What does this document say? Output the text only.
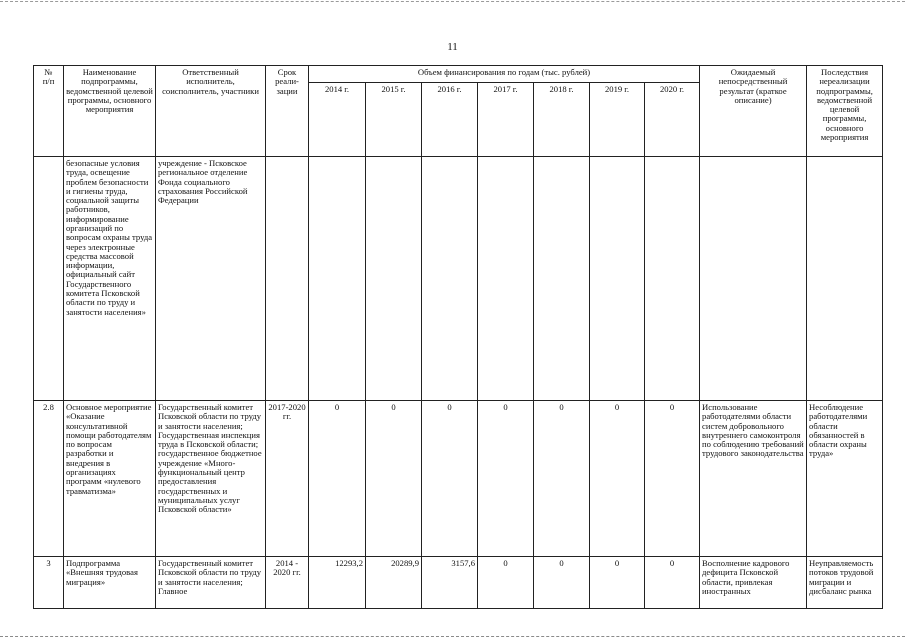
11
№
п/п	Наименование подпрограммы, ведомственной целевой программы, основного мероприятия	Ответственный исполнитель, соисполнитель, участники	Срок реали-зации	Объем финансирования по годам (тыс. рублей)							Ожидаемый непосредственный результат (краткое описание)	Последствия нереализации подпрограммы, ведомственной целевой программы, основного мероприятия
				2014 г.	2015 г.	2016 г.	2017 г.	2018 г.	2019 г.	2020 г.		
	безопасные условия труда, освещение проблем безопасности и гигиены труда, социальной защиты работников, информирование организаций по вопросам охраны труда через электронные средства массовой информации, официальный сайт Государственного комитета Псковской области по труду и занятости населения»	учреждение - Псковское региональное отделение Фонда социального страхования Российской Федерации										
2.8	Основное мероприятие «Оказание консультативной помощи работодателям по вопросам разработки и внедрения в организациях программ «нулевого травматизма»	Государственный комитет Псковской области по труду и занятости населения; Государственная инспекция труда в Псковской области; государственное бюджетное учреждение «Много-функциональный центр предоставления государственных и муниципальных услуг Псковской области»	2017-2020 гг.	0	0	0	0	0	0	0	Использование работодателями области систем добровольного внутреннего самоконтроля по соблюдению требований трудового законодательства	Несоблюдение работодателями области обязанностей в области охраны труда»
3	Подпрограмма «Внешняя трудовая миграция»	Государственный комитет Псковской области по труду и занятости населения; Главное	2014 - 2020 гг.	12293,2	20289,9	3157,6	0	0	0	0	Восполнение кадрового дефицита Псковской области, привлекая иностранных	Неуправляемость потоков трудовой миграции и дисбаланс рынка
